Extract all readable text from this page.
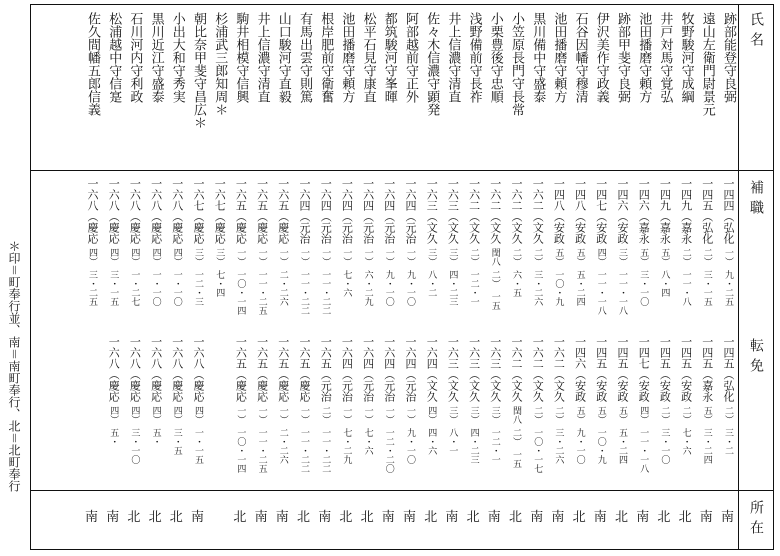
氏名
補職
転免
所在
＊印＝町奉行並、南＝南町奉行、北＝北町奉行
跡部能登守良弼
一四四（弘化
一）
九・二五
一四五（弘化
二）
三・二
南
遠山左衛門尉景元
一四五（弘化
二）
三・一五
一四五（嘉永
五）
三・二四
南
牧野駿河守成綱
一四九（嘉永
二）
一一・八
一四五（安政
二）
七・六
北
井戸対馬守覚弘
一四九（嘉永
五）
八・四
一四五（安政
二）
三・一〇
北
池田播磨守頼方
一四六（嘉永
五）
三・一〇
一四七（安政
四）
一一・一八
南
跡部甲斐守良弼
一四六（安政
三）
一一・一八
一四五（安政
五）
五・二四
北
伊沢美作守政義
一四七（安政
四）
一一・一八
一四五（安政
五）
一〇・九
南
石谷因幡守穆清
一四八（安政
五）
五・二四
一四六（安政
五）
九・一〇
北
池田播磨守頼方
一四八（安政
五）
一〇・九
一六二（文久
二）
三・二六
南
黒川備中守盛泰
一六二（文久
二）
三・二六
一六二（文久
二）
一〇・一七
南
小笠原長門守長常
一六二（文久
二）
六・五
一六二（文久
閏八
二）
一五
北
小栗豊後守忠順
一六二（文久
閏八
二）
一五
一六三（文久
三）
一二・一
南
浅野備前守長祚
一六二（文久
二）
一二・一
一六三（文久
三）
四・二三
北
井上信濃守清直
一六三（文久
三）
四・二三
一六三（文久
三）
八・一
南
佐々木信濃守顕発
一六三（文久
三）
八・二
一六四（文久
四）
四・六
北
阿部越前守正外
一六四（元治
一）
九・一〇
一六四（元治
一）
九・一〇
南
都筑駿河守峯暉
一六四（元治
一）
九・一〇
一六四（元治
一）
一二・二〇
南
松平石見守康直
一六四（元治
一）
六・二九
一六四（元治
一）
七・六
北
池田播磨守頼方
一六四（元治
一）
七・六
一六四（元治
一）
七・二九
北
根岸肥前守衛奮
一六四（元治
一）
一一・二二
一六五（元治
二）
一一・二二
南
有馬出雲守則篤
一六四（元治
一）
一一・二二
一六五（慶応
一）
一一・二二
北
山口駿河守直毅
一六五（慶応
一）
二・二六
一六五（慶応
一）
二・二六
南
井上信濃守清直
一六五（慶応
一）
一一・二五
一六五（慶応
一）
一一・二五
南
駒井相模守信興
一六五（慶応
一）
一〇・一四
一六五（慶応
一）
一〇・一四
北
杉浦武三郎知周＊
一六七（慶応
三）
七・四
朝比奈甲斐守昌広＊
一六七（慶応
三）
一二・三
一六八（慶応
四）
一・一五
南
小出大和守秀実
一六八（慶応
四）
一・一〇
一六八（慶応
四）
三・五
北
黒川近江守盛泰
一六八（慶応
四）
一・一〇
一六八（慶応
四）
五・
北
石川河内守利政
一六八（慶応
四）
一・二七
一六八（慶応
四）
三・一〇
北
松浦越中守信寔
一六八（慶応
四）
三・一五
一六八（慶応
四）
五・
南
佐久間幡五郎信義
一六八（慶応
四）
三・二五
南
